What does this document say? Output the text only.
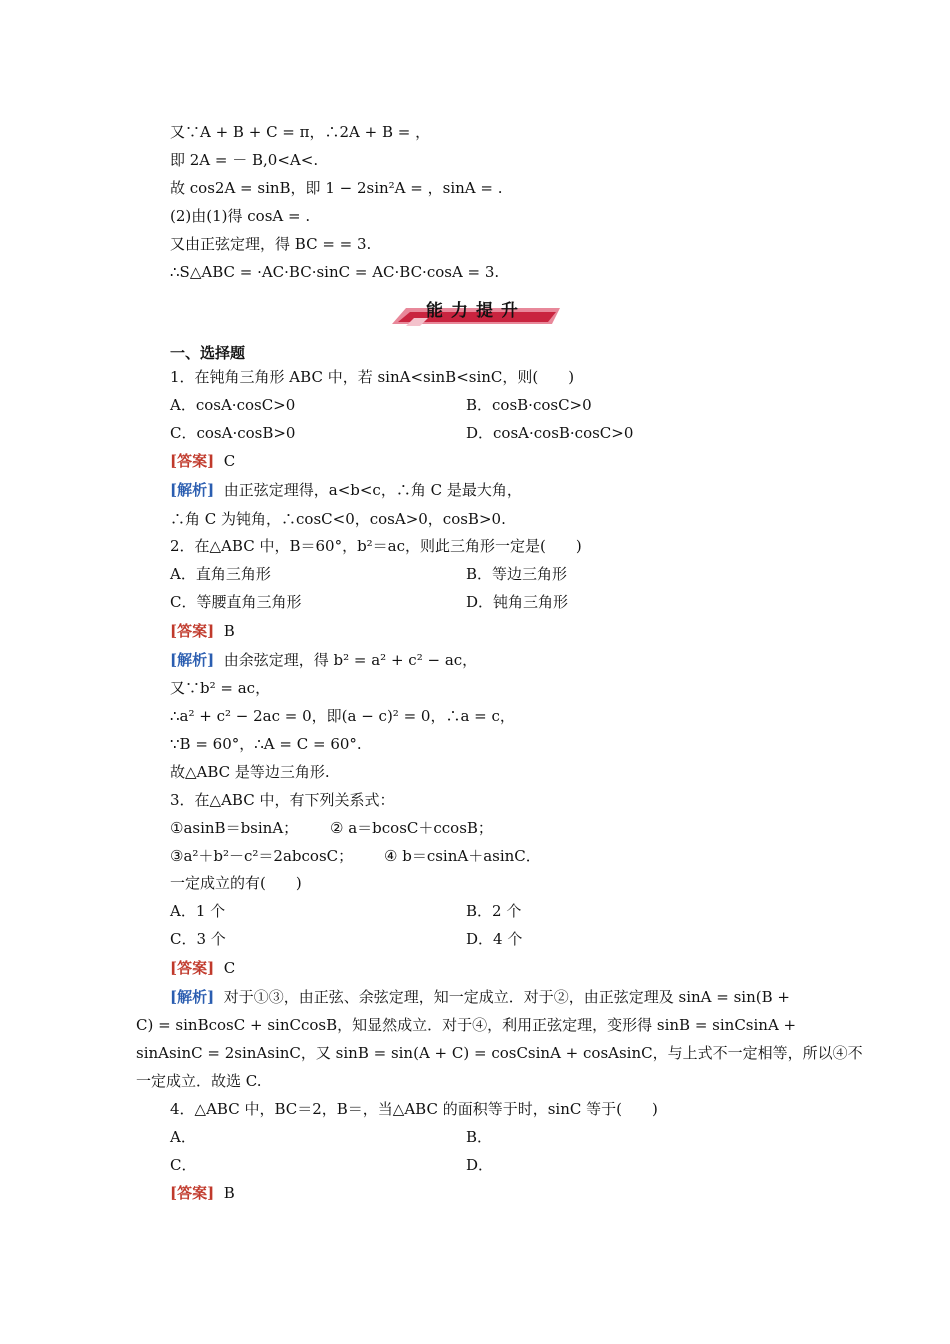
又∵A + B + C = π，∴2A + B = ，
即 2A = － B,0<A<.
故 cos2A = sinB，即 1 − 2sin²A = ，sinA = .
(2)由(1)得 cosA = .
又由正弦定理，得 BC = = 3.
∴S△ABC = ·AC·BC·sinC = AC·BC·cosA = 3.
能力提升
一、选择题
1．在钝角三角形 ABC 中，若 sinA<sinB<sinC，则(　　)
A．cosA·cosC>0	B．cosB·cosC>0
C．cosA·cosB>0	D．cosA·cosB·cosC>0
[答案] C
[解析] 由正弦定理得，a<b<c，∴角 C 是最大角，
∴角 C 为钝角，∴cosC<0，cosA>0，cosB>0.
2．在△ABC 中，B＝60°，b²＝ac，则此三角形一定是(　　)
A．直角三角形	B．等边三角形
C．等腰直角三角形	D．钝角三角形
[答案] B
[解析] 由余弦定理，得 b² = a² + c² − ac，
又∵b² = ac，
∴a² + c² − 2ac = 0，即(a − c)² = 0，∴a = c，
∵B = 60°，∴A = C = 60°.
故△ABC 是等边三角形.
3．在△ABC 中，有下列关系式：
①asinB＝bsinA； ② a＝bcosC＋ccosB；
③a²＋b²－c²＝2abcosC； ④ b＝csinA＋asinC．
一定成立的有(　　)
A．1 个	B．2 个
C．3 个	D．4 个
[答案] C
[解析] 对于①③，由正弦、余弦定理，知一定成立．对于②，由正弦定理及 sinA = sin(B +
C) = sinBcosC + sinCcosB，知显然成立．对于④，利用正弦定理，变形得 sinB = sinCsinA +
sinAsinC = 2sinAsinC，又 sinB = sin(A + C) = cosCsinA + cosAsinC，与上式不一定相等，所以④不
一定成立．故选 C.
4．△ABC 中，BC＝2，B＝，当△ABC 的面积等于时，sinC 等于(　　)
A．	B．
C．	D．
[答案] B
